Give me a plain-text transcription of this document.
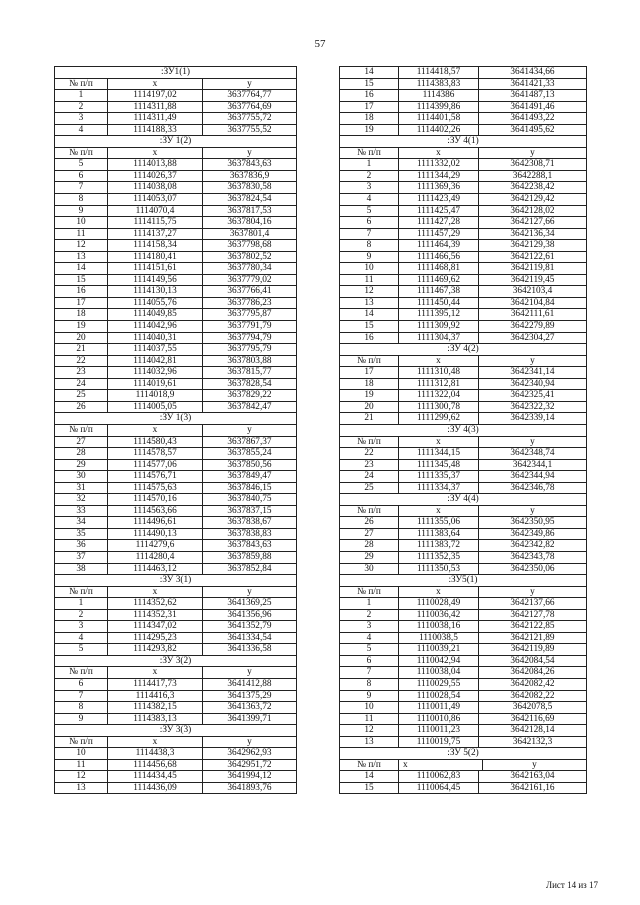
57
:ЗУ1(1)
№ п/п	x	y
1	1114197,02	3637764,77
2	1114311,88	3637764,69
3	1114311,49	3637755,72
4	1114188,33	3637755,52
:ЗУ 1(2)
№ п/п	x	y
5	1114013,88	3637843,63
6	1114026,37	3637836,9
7	1114038,08	3637830,58
8	1114053,07	3637824,54
9	1114070,4	3637817,53
10	1114115,75	3637804,16
11	1114137,27	3637801,4
12	1114158,34	3637798,68
13	1114180,41	3637802,52
14	1114151,61	3637780,34
15	1114149,56	3637779,02
16	1114130,13	3637766,41
17	1114055,76	3637786,23
18	1114049,85	3637795,87
19	1114042,96	3637791,79
20	1114040,31	3637794,79
21	1114037,55	3637795,79
22	1114042,81	3637803,88
23	1114032,96	3637815,77
24	1114019,61	3637828,54
25	1114018,9	3637829,22
26	1114005,05	3637842,47
:ЗУ 1(3)
№ п/п	x	y
27	1114580,43	3637867,37
28	1114578,57	3637855,24
29	1114577,06	3637850,56
30	1114576,71	3637849,47
31	1114575,63	3637846,15
32	1114570,16	3637840,75
33	1114563,66	3637837,15
34	1114496,61	3637838,67
35	1114490,13	3637838,83
36	1114279,6	3637843,63
37	1114280,4	3637859,88
38	1114463,12	3637852,84
:ЗУ 3(1)
№ п/п	x	y
1	1114352,62	3641369,25
2	1114352,31	3641356,96
3	1114347,02	3641352,79
4	1114295,23	3641334,54
5	1114293,82	3641336,58
:ЗУ 3(2)
№ п/п	x	y
6	1114417,73	3641412,88
7	1114416,3	3641375,29
8	1114382,15	3641363,72
9	1114383,13	3641399,71
:ЗУ 3(3)
№ п/п	x	y
10	1114438,3	3642962,93
11	1114456,68	3642951,72
12	1114434,45	3641994,12
13	1114436,09	3641893,76
14	1114418,57	3641434,66
15	1114383,83	3641421,33
16	1114386	3641487,13
17	1114399,86	3641491,46
18	1114401,58	3641493,22
19	1114402,26	3641495,62
:ЗУ 4(1)
№ п/п	x	y
1	1111332,02	3642308,71
2	1111344,29	3642288,1
3	1111369,36	3642238,42
4	1111423,49	3642129,42
5	1111425,47	3642128,02
6	1111427,28	3642127,66
7	1111457,29	3642136,34
8	1111464,39	3642129,38
9	1111466,56	3642122,61
10	1111468,81	3642119,81
11	1111469,62	3642119,45
12	1111467,38	3642103,4
13	1111450,44	3642104,84
14	1111395,12	3642111,61
15	1111309,92	3642279,89
16	1111304,37	3642304,27
:ЗУ 4(2)
№ п/п	x	y
17	1111310,48	3642341,14
18	1111312,81	3642340,94
19	1111322,04	3642325,41
20	1111300,78	3642322,32
21	1111299,62	3642339,14
:ЗУ 4(3)
№ п/п	x	y
22	1111344,15	3642348,74
23	1111345,48	3642344,1
24	1111335,37	3642344,94
25	1111334,37	3642346,78
:ЗУ 4(4)
№ п/п	x	y
26	1111355,06	3642350,95
27	1111383,64	3642349,86
28	1111383,72	3642342,82
29	1111352,35	3642343,78
30	1111350,53	3642350,06
:ЗУ5(1)
№ п/п	x	y
1	1110028,49	3642137,66
2	1110036,42	3642127,78
3	1110038,16	3642122,85
4	1110038,5	3642121,89
5	1110039,21	3642119,89
6	1110042,94	3642084,54
7	1110038,04	3642084,26
8	1110029,55	3642082,42
9	1110028,54	3642082,22
10	1110011,49	3642078,5
11	1110010,86	3642116,69
12	1110011,23	3642128,14
13	1110019,75	3642132,3
:ЗУ 5(2)
№ п/п	x	y
14	1110062,83	3642163,04
15	1110064,45	3642161,16
Лист 14 из 17
